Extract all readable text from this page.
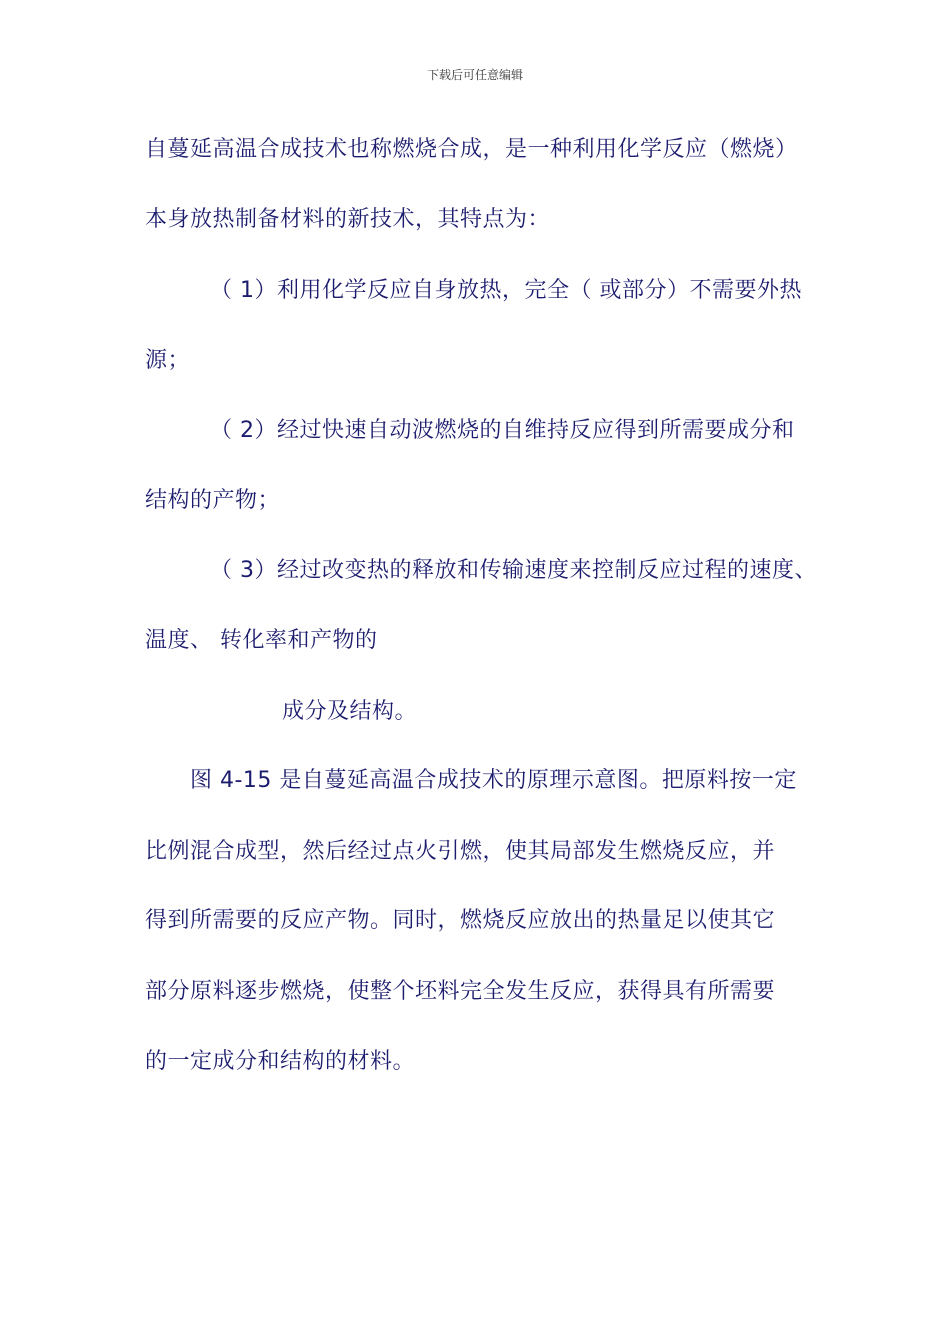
下载后可任意编辑
自蔓延高温合成技术也称燃烧合成，是一种利用化学反应（燃烧）
本身放热制备材料的新技术，其特点为：
（ 1）利用化学反应自身放热，完全（ 或部分）不需要外热
源；
（ 2）经过快速自动波燃烧的自维持反应得到所需要成分和
结构的产物；
（ 3）经过改变热的释放和传输速度来控制反应过程的速度、
温度、 转化率和产物的
成分及结构。
图 4-15 是自蔓延高温合成技术的原理示意图。把原料按一定
比例混合成型，然后经过点火引燃，使其局部发生燃烧反应，并
得到所需要的反应产物。同时，燃烧反应放出的热量足以使其它
部分原料逐步燃烧，使整个坯料完全发生反应，获得具有所需要
的一定成分和结构的材料。
